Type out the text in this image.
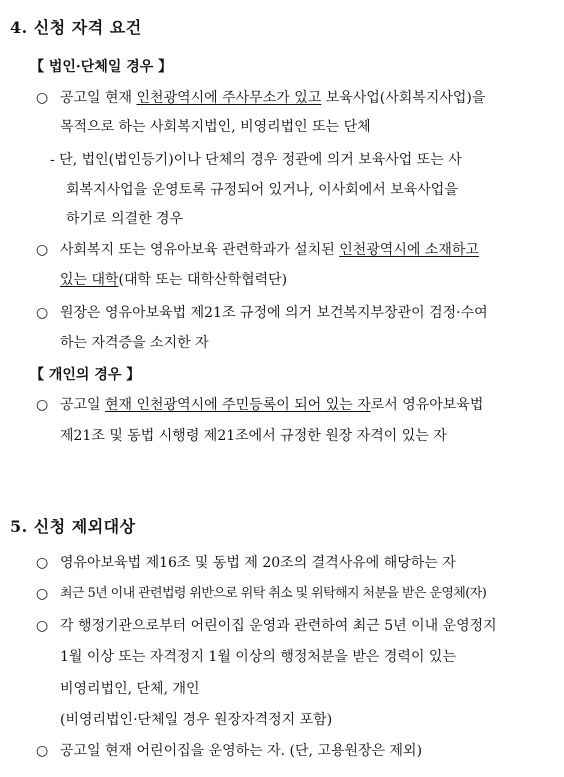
4. 신청 자격 요건
【 법인·단체일 경우 】
○ 공고일 현재 인천광역시에 주사무소가 있고 보육사업(사회복지사업)을
목적으로 하는 사회복지법인, 비영리법인 또는 단체
- 단, 법인(법인등기)이나 단체의 경우 정관에 의거 보육사업 또는 사
회복지사업을 운영토록 규정되어 있거나, 이사회에서 보육사업을
하기로 의결한 경우
○ 사회복지 또는 영유아보육 관련학과가 설치된 인천광역시에 소재하고
있는 대학(대학 또는 대학산학협력단)
○ 원장은 영유아보육법 제21조 규정에 의거 보건복지부장관이 검정·수여
하는 자격증을 소지한 자
【 개인의 경우 】
○ 공고일 현재 인천광역시에 주민등록이 되어 있는 자로서 영유아보육법
제21조 및 동법 시행령 제21조에서 규정한 원장 자격이 있는 자
5. 신청 제외대상
○ 영유아보육법 제16조 및 동법 제 20조의 결격사유에 해당하는 자
○ 최근 5년 이내 관련법령 위반으로 위탁 취소 및 위탁해지 처분을 받은 운영체(자)
○ 각 행정기관으로부터 어린이집 운영과 관련하여 최근 5년 이내 운영정지
1월 이상 또는 자격정지 1월 이상의 행정처분을 받은 경력이 있는
비영리법인, 단체, 개인
(비영리법인·단체일 경우 원장자격정지 포함)
○ 공고일 현재 어린이집을 운영하는 자. (단, 고용원장은 제외)
